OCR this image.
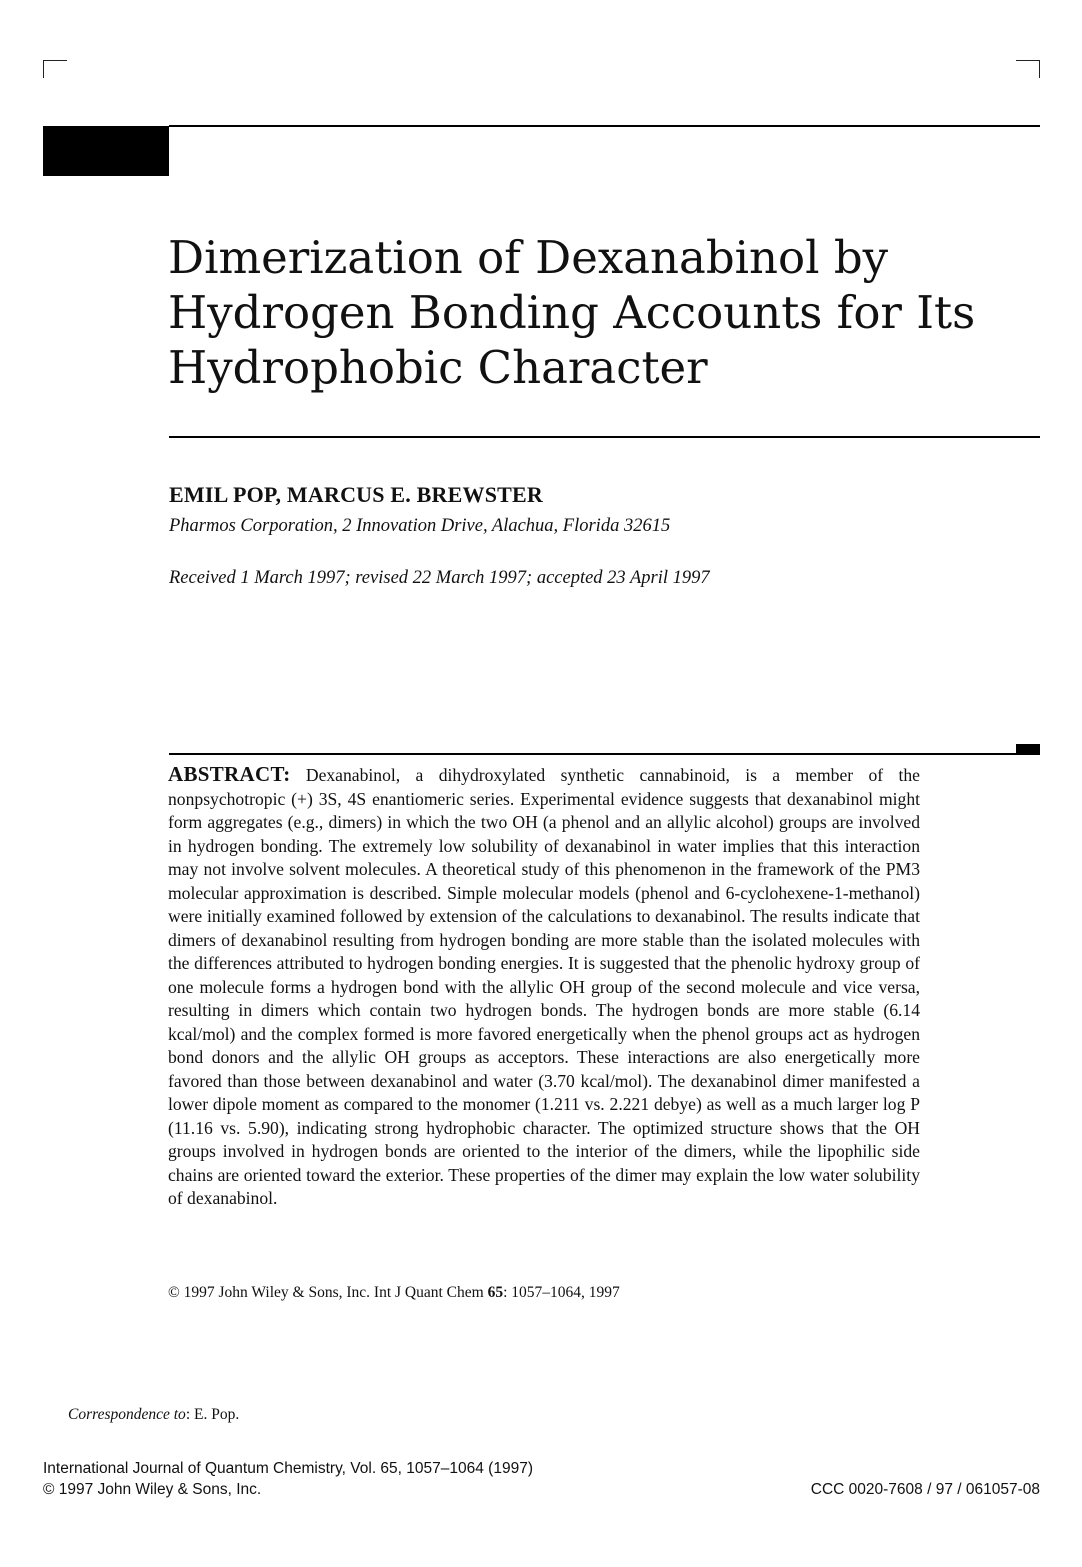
Dimerization of Dexanabinol by
Hydrogen Bonding Accounts for Its
Hydrophobic Character
EMIL POP, MARCUS E. BREWSTER
Pharmos Corporation, 2 Innovation Drive, Alachua, Florida 32615
Received 1 March 1997; revised 22 March 1997; accepted 23 April 1997

ABSTRACT: Dexanabinol, a dihydroxylated synthetic cannabinoid, is a member of the nonpsychotropic (+) 3S, 4S enantiomeric series. Experimental evidence suggests that dexanabinol might form aggregates (e.g., dimers) in which the two OH (a phenol and an allylic alcohol) groups are involved in hydrogen bonding. The extremely low solubility of dexanabinol in water implies that this interaction may not involve solvent molecules. A theoretical study of this phenomenon in the framework of the PM3 molecular approximation is described. Simple molecular models (phenol and 6-cyclohexene-1-methanol) were initially examined followed by extension of the calculations to dexanabinol. The results indicate that dimers of dexanabinol resulting from hydrogen bonding are more stable than the isolated molecules with the differences attributed to hydrogen bonding energies. It is suggested that the phenolic hydroxy group of one molecule forms a hydrogen bond with the allylic OH group of the second molecule and vice versa, resulting in dimers which contain two hydrogen bonds. The hydrogen bonds are more stable (6.14 kcal/mol) and the complex formed is more favored energetically when the phenol groups act as hydrogen bond donors and the allylic OH groups as acceptors. These interactions are also energetically more favored than those between dexanabinol and water (3.70 kcal/mol). The dexanabinol dimer manifested a lower dipole moment as compared to the monomer (1.211 vs. 2.221 debye) as well as a much larger log P (11.16 vs. 5.90), indicating strong hydrophobic character. The optimized structure shows that the OH groups involved in hydrogen bonds are oriented to the interior of the dimers, while the lipophilic side chains are oriented toward the exterior. These properties of the dimer may explain the low water solubility of dexanabinol.

© 1997 John Wiley & Sons, Inc. Int J Quant Chem 65: 1057–1064, 1997
Correspondence to: E. Pop.
International Journal of Quantum Chemistry, Vol. 65, 1057–1064 (1997)
© 1997 John Wiley & Sons, Inc.	CCC 0020-7608 / 97 / 061057-08
